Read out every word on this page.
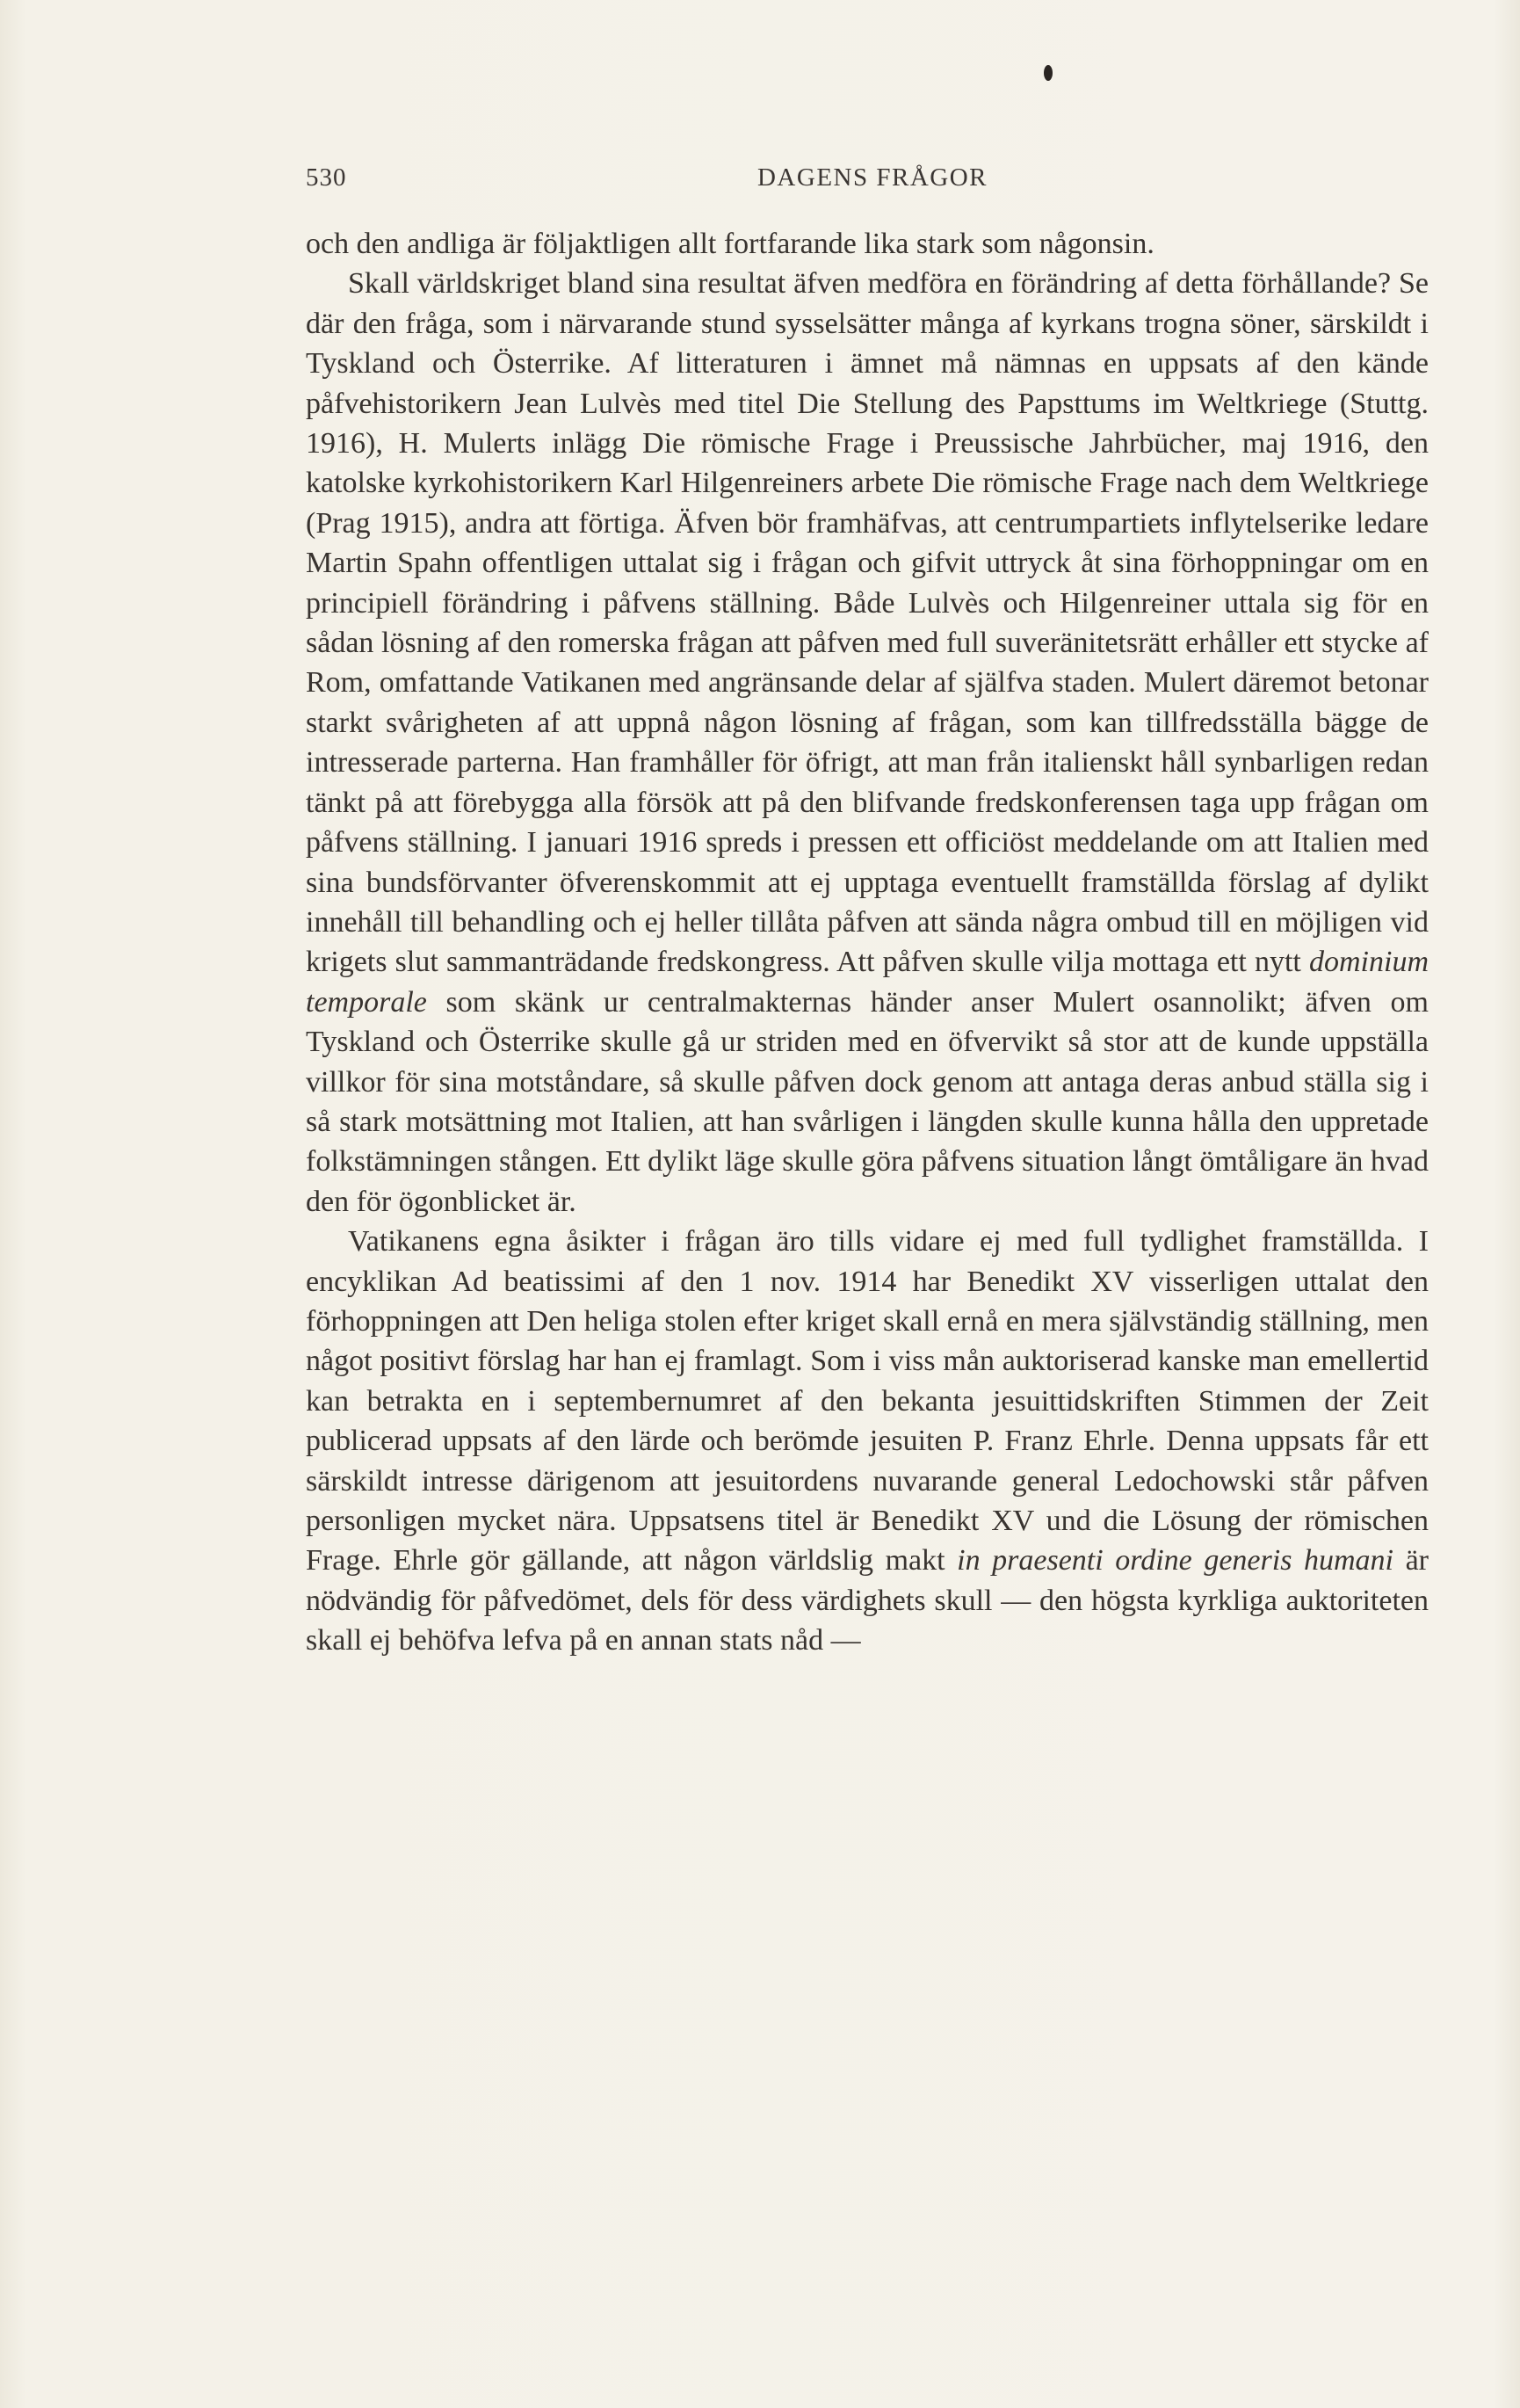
530	DAGENS FRÅGOR

och den andliga är följaktligen allt fortfarande lika stark som någonsin.

Skall världskriget bland sina resultat äfven medföra en förändring af detta förhållande? Se där den fråga, som i närvarande stund sysselsätter många af kyrkans trogna söner, särskildt i Tyskland och Österrike. Af litteraturen i ämnet må nämnas en uppsats af den kände påfvehistorikern Jean Lulvès med titel Die Stellung des Papsttums im Weltkriege (Stuttg. 1916), H. Mulerts inlägg Die römische Frage i Preussische Jahrbücher, maj 1916, den katolske kyrkohistorikern Karl Hilgenreiners arbete Die römische Frage nach dem Weltkriege (Prag 1915), andra att förtiga. Äfven bör framhäfvas, att centrumpartiets inflytelserike ledare Martin Spahn offentligen uttalat sig i frågan och gifvit uttryck åt sina förhoppningar om en principiell förändring i påfvens ställning. Både Lulvès och Hilgenreiner uttala sig för en sådan lösning af den romerska frågan att påfven med full suveränitetsrätt erhåller ett stycke af Rom, omfattande Vatikanen med angränsande delar af själfva staden. Mulert däremot betonar starkt svårigheten af att uppnå någon lösning af frågan, som kan tillfredsställa bägge de intresserade parterna. Han framhåller för öfrigt, att man från italienskt håll synbarligen redan tänkt på att förebygga alla försök att på den blifvande fredskonferensen taga upp frågan om påfvens ställning. I januari 1916 spreds i pressen ett officiöst meddelande om att Italien med sina bundsförvanter öfverenskommit att ej upptaga eventuellt framställda förslag af dylikt innehåll till behandling och ej heller tillåta påfven att sända några ombud till en möjligen vid krigets slut sammanträdande fredskongress. Att påfven skulle vilja mottaga ett nytt dominium temporale som skänk ur centralmakternas händer anser Mulert osannolikt; äfven om Tyskland och Österrike skulle gå ur striden med en öfvervikt så stor att de kunde uppställa villkor för sina motståndare, så skulle påfven dock genom att antaga deras anbud ställa sig i så stark motsättning mot Italien, att han svårligen i längden skulle kunna hålla den uppretade folkstämningen stången. Ett dylikt läge skulle göra påfvens situation långt ömtåligare än hvad den för ögonblicket är.

Vatikanens egna åsikter i frågan äro tills vidare ej med full tydlighet framställda. I encyklikan Ad beatissimi af den 1 nov. 1914 har Benedikt XV visserligen uttalat den förhoppningen att Den heliga stolen efter kriget skall ernå en mera självständig ställning, men något positivt förslag har han ej framlagt. Som i viss mån auktoriserad kanske man emellertid kan betrakta en i septembernumret af den bekanta jesuittidskriften Stimmen der Zeit publicerad uppsats af den lärde och berömde jesuiten P. Franz Ehrle. Denna uppsats får ett särskildt intresse därigenom att jesuitordens nuvarande general Ledochowski står påfven personligen mycket nära. Uppsatsens titel är Benedikt XV und die Lösung der römischen Frage. Ehrle gör gällande, att någon världslig makt in praesenti ordine generis humani är nödvändig för påfvedömet, dels för dess värdighets skull — den högsta kyrkliga auktoriteten skall ej behöfva lefva på en annan stats nåd —
